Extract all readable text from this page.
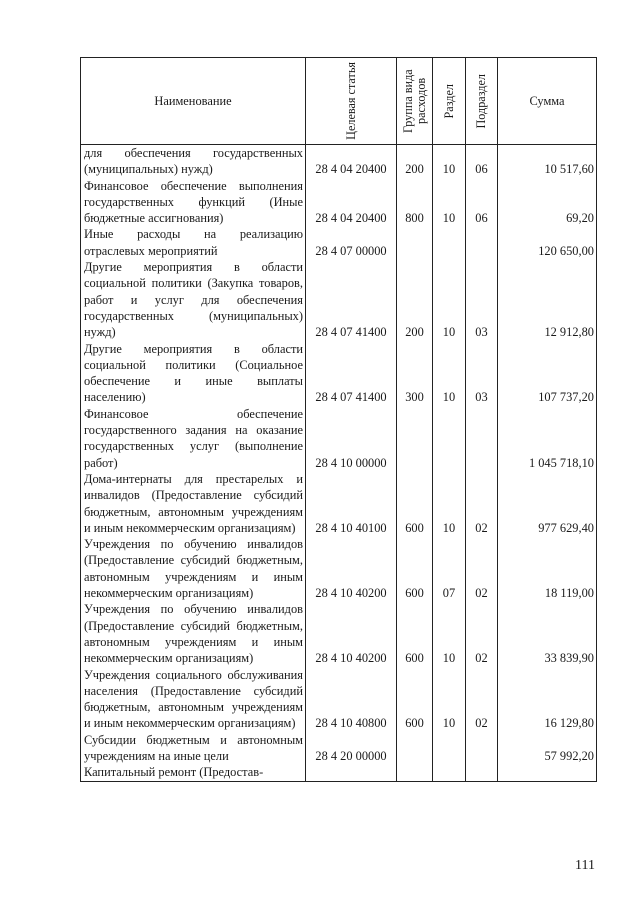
Наименование	Целевая статья	Группа вида расходов	Раздел	Подраздел	Сумма
для обеспечения государственных (муниципальных) нужд)	28 4 04 20400	200	10	06	10 517,60
Финансовое обеспечение выполнения государственных функций (Иные бюджетные ассигнования)	28 4 04 20400	800	10	06	69,20
Иные расходы на реализацию отраслевых мероприятий	28 4 07 00000				120 650,00
Другие мероприятия в области социальной политики (Закупка товаров, работ и услуг для обеспечения государственных (муниципальных) нужд)	28 4 07 41400	200	10	03	12 912,80
Другие мероприятия в области социальной политики (Социальное обеспечение и иные выплаты населению)	28 4 07 41400	300	10	03	107 737,20
Финансовое обеспечение государственного задания на оказание государственных услуг (выполнение работ)	28 4 10 00000				1 045 718,10
Дома-интернаты для престарелых и инвалидов (Предоставление субсидий бюджетным, автономным учреждениям и иным некоммерческим организациям)	28 4 10 40100	600	10	02	977 629,40
Учреждения по обучению инвалидов (Предоставление субсидий бюджетным, автономным учреждениям и иным некоммерческим организациям)	28 4 10 40200	600	07	02	18 119,00
Учреждения по обучению инвалидов (Предоставление субсидий бюджетным, автономным учреждениям и иным некоммерческим организациям)	28 4 10 40200	600	10	02	33 839,90
Учреждения социального обслуживания населения (Предоставление субсидий бюджетным, автономным учреждениям и иным некоммерческим организациям)	28 4 10 40800	600	10	02	16 129,80
Субсидии бюджетным и автономным учреждениям на иные цели	28 4 20 00000				57 992,20
Капитальный ремонт (Предостав-					
111
